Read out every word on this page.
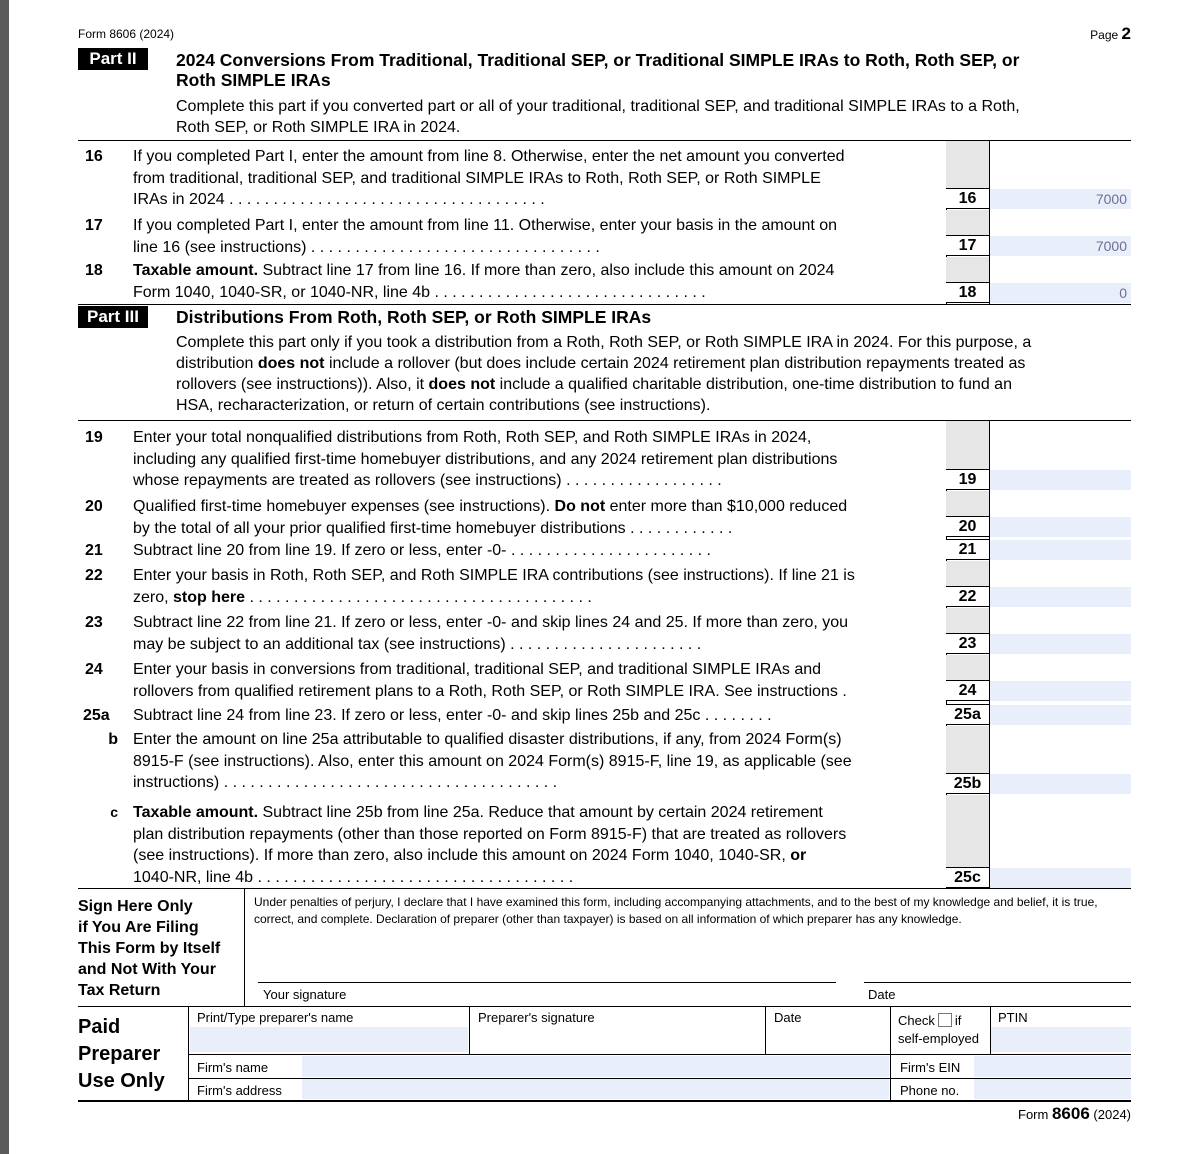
Form 8606 (2024)	Page 2
Part II	2024 Conversions From Traditional, Traditional SEP, or Traditional SIMPLE IRAs to Roth, Roth SEP, or
Roth SIMPLE IRAs
Complete this part if you converted part or all of your traditional, traditional SEP, and traditional SIMPLE IRAs to a Roth,
Roth SEP, or Roth SIMPLE IRA in 2024.
16	If you completed Part I, enter the amount from line 8. Otherwise, enter the net amount you converted
from traditional, traditional SEP, and traditional SIMPLE IRAs to Roth, Roth SEP, or Roth SIMPLE
IRAs in 2024 . . . . . . . . . . . . . . . . . . . . . . . . . . . . . . . . . . . .	16	7000
17	If you completed Part I, enter the amount from line 11. Otherwise, enter your basis in the amount on
line 16 (see instructions) . . . . . . . . . . . . . . . . . . . . . . . . . . . . . . . . .	17	7000
18	Taxable amount. Subtract line 17 from line 16. If more than zero, also include this amount on 2024
Form 1040, 1040-SR, or 1040-NR, line 4b . . . . . . . . . . . . . . . . . . . . . . . . . . . . . . .	18	0
Part III	Distributions From Roth, Roth SEP, or Roth SIMPLE IRAs
Complete this part only if you took a distribution from a Roth, Roth SEP, or Roth SIMPLE IRA in 2024. For this purpose, a
distribution does not include a rollover (but does include certain 2024 retirement plan distribution repayments treated as
rollovers (see instructions)). Also, it does not include a qualified charitable distribution, one-time distribution to fund an
HSA, recharacterization, or return of certain contributions (see instructions).
19	Enter your total nonqualified distributions from Roth, Roth SEP, and Roth SIMPLE IRAs in 2024,
including any qualified first-time homebuyer distributions, and any 2024 retirement plan distributions
whose repayments are treated as rollovers (see instructions) . . . . . . . . . . . . . . . . . .	19
20	Qualified first-time homebuyer expenses (see instructions). Do not enter more than $10,000 reduced
by the total of all your prior qualified first-time homebuyer distributions . . . . . . . . . . . .	20
21	Subtract line 20 from line 19. If zero or less, enter -0- . . . . . . . . . . . . . . . . . . . . . . .	21
22	Enter your basis in Roth, Roth SEP, and Roth SIMPLE IRA contributions (see instructions). If line 21 is
zero, stop here . . . . . . . . . . . . . . . . . . . . . . . . . . . . . . . . . . . . . . .	22
23	Subtract line 22 from line 21. If zero or less, enter -0- and skip lines 24 and 25. If more than zero, you
may be subject to an additional tax (see instructions) . . . . . . . . . . . . . . . . . . . . . .	23
24	Enter your basis in conversions from traditional, traditional SEP, and traditional SIMPLE IRAs and
rollovers from qualified retirement plans to a Roth, Roth SEP, or Roth SIMPLE IRA. See instructions .	24
25a	Subtract line 24 from line 23. If zero or less, enter -0- and skip lines 25b and 25c . . . . . . . .	25a
b Enter the amount on line 25a attributable to qualified disaster distributions, if any, from 2024 Form(s)
8915-F (see instructions). Also, enter this amount on 2024 Form(s) 8915-F, line 19, as applicable (see
instructions) . . . . . . . . . . . . . . . . . . . . . . . . . . . . . . . . . . . . . .	25b
c Taxable amount. Subtract line 25b from line 25a. Reduce that amount by certain 2024 retirement
plan distribution repayments (other than those reported on Form 8915-F) that are treated as rollovers
(see instructions). If more than zero, also include this amount on 2024 Form 1040, 1040-SR, or
1040-NR, line 4b . . . . . . . . . . . . . . . . . . . . . . . . . . . . . . . . . . . .	25c
Sign Here Only
if You Are Filing
This Form by Itself
and Not With Your
Tax Return
Under penalties of perjury, I declare that I have examined this form, including accompanying attachments, and to the best of my knowledge and belief, it is true, correct, and complete. Declaration of preparer (other than taxpayer) is based on all information of which preparer has any knowledge.
Your signature	Date
Paid
Preparer
Use Only
Print/Type preparer's name	Preparer's signature	Date	Check if
self-employed
PTIN
Firm's name	Firm's EIN
Firm's address	Phone no.
Form 8606 (2024)
